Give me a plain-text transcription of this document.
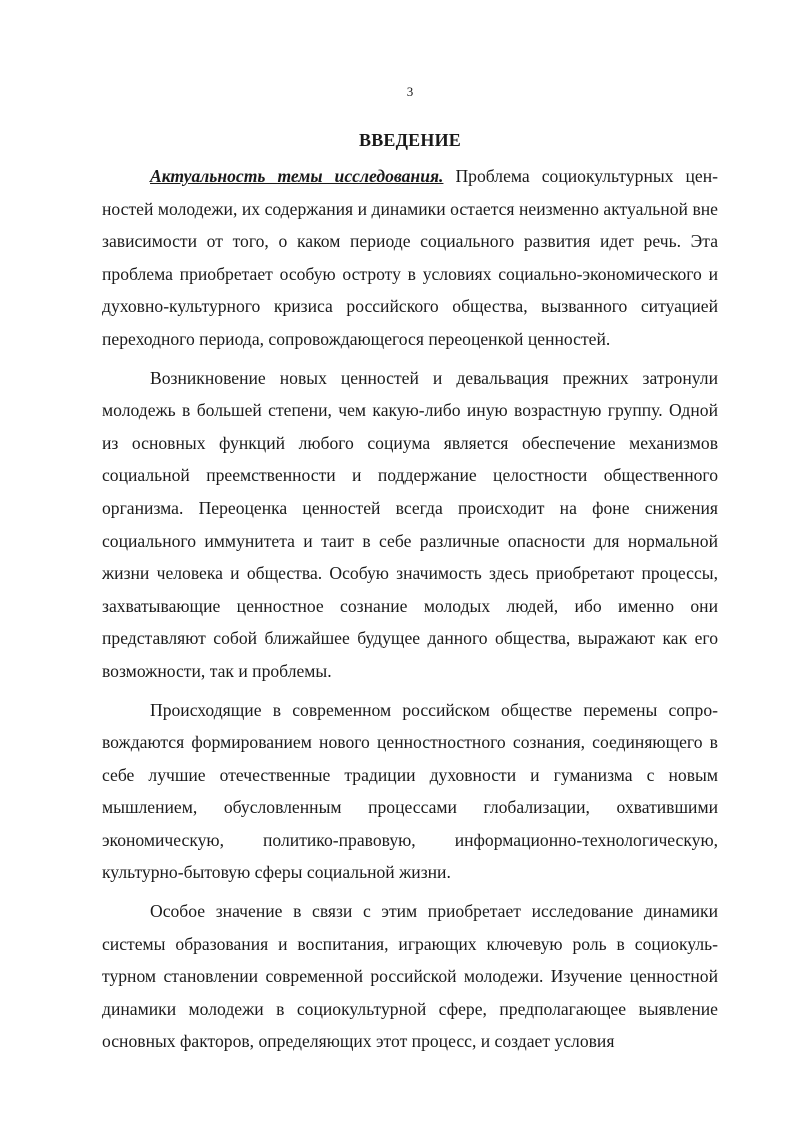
3
ВВЕДЕНИЕ

Актуальность темы исследования. Проблема социокультурных ценностей молодежи, их содержания и динамики остается неизменно актуальной вне зависимости от того, о каком периоде социального развития идет речь. Эта проблема приобретает особую остроту в условиях социально-экономического и духовно-культурного кризиса российского общества, вызванного ситуацией переходного периода, сопровождающегося переоценкой ценностей.

Возникновение новых ценностей и девальвация прежних затронули молодежь в большей степени, чем какую-либо иную возрастную группу. Одной из основных функций любого социума является обеспечение механизмов социальной преемственности и поддержание целостности общественного организма. Переоценка ценностей всегда происходит на фоне снижения социального иммунитета и таит в себе различные опасности для нормальной жизни человека и общества. Особую значимость здесь приобретают процессы, захватывающие ценностное сознание молодых людей, ибо именно они представляют собой ближайшее будущее данного общества, выражают как его возможности, так и проблемы.

Происходящие в современном российском обществе перемены сопровождаются формированием нового ценностностного сознания, соединяющего в себе лучшие отечественные традиции духовности и гуманизма с новым мышлением, обусловленным процессами глобализации, охватившими экономическую, политико-правовую, информационно-технологическую, культурно-бытовую сферы социальной жизни.

Особое значение в связи с этим приобретает исследование динамики системы образования и воспитания, играющих ключевую роль в социокультурном становлении современной российской молодежи. Изучение ценностной динамики молодежи в социокультурной сфере, предполагающее выявление основных факторов, определяющих этот процесс, и создает условия
